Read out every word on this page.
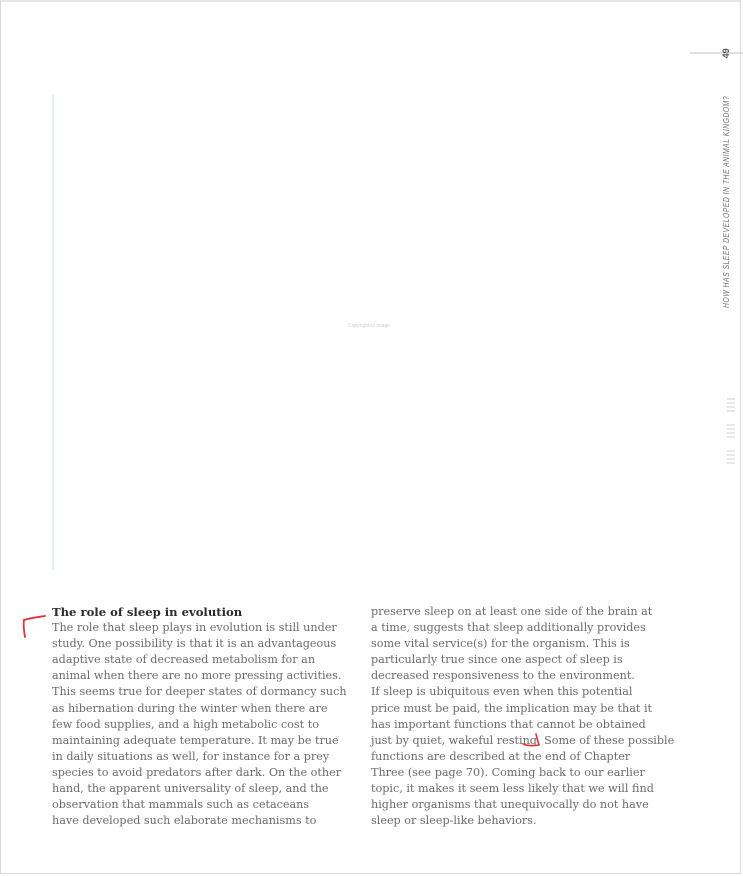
HOW HAS SLEEP DEVELOPED IN THE ANIMAL KINGDOM?
49
Copyrighted image
The role of sleep in evolution
The role that sleep plays in evolution is still under
study. One possibility is that it is an advantageous
adaptive state of decreased metabolism for an
animal when there are no more pressing activities.
This seems true for deeper states of dormancy such
as hibernation during the winter when there are
few food supplies, and a high metabolic cost to
maintaining adequate temperature. It may be true
in daily situations as well, for instance for a prey
species to avoid predators after dark. On the other
hand, the apparent universality of sleep, and the
observation that mammals such as cetaceans
have developed such elaborate mechanisms to
preserve sleep on at least one side of the brain at
a time, suggests that sleep additionally provides
some vital service(s) for the organism. This is
particularly true since one aspect of sleep is
decreased responsiveness to the environment.
If sleep is ubiquitous even when this potential
price must be paid, the implication may be that it
has important functions that cannot be obtained
just by quiet, wakeful resting. Some of these possible
functions are described at the end of Chapter
Three (see page 70). Coming back to our earlier
topic, it makes it seem less likely that we will find
higher organisms that unequivocally do not have
sleep or sleep-like behaviors.
